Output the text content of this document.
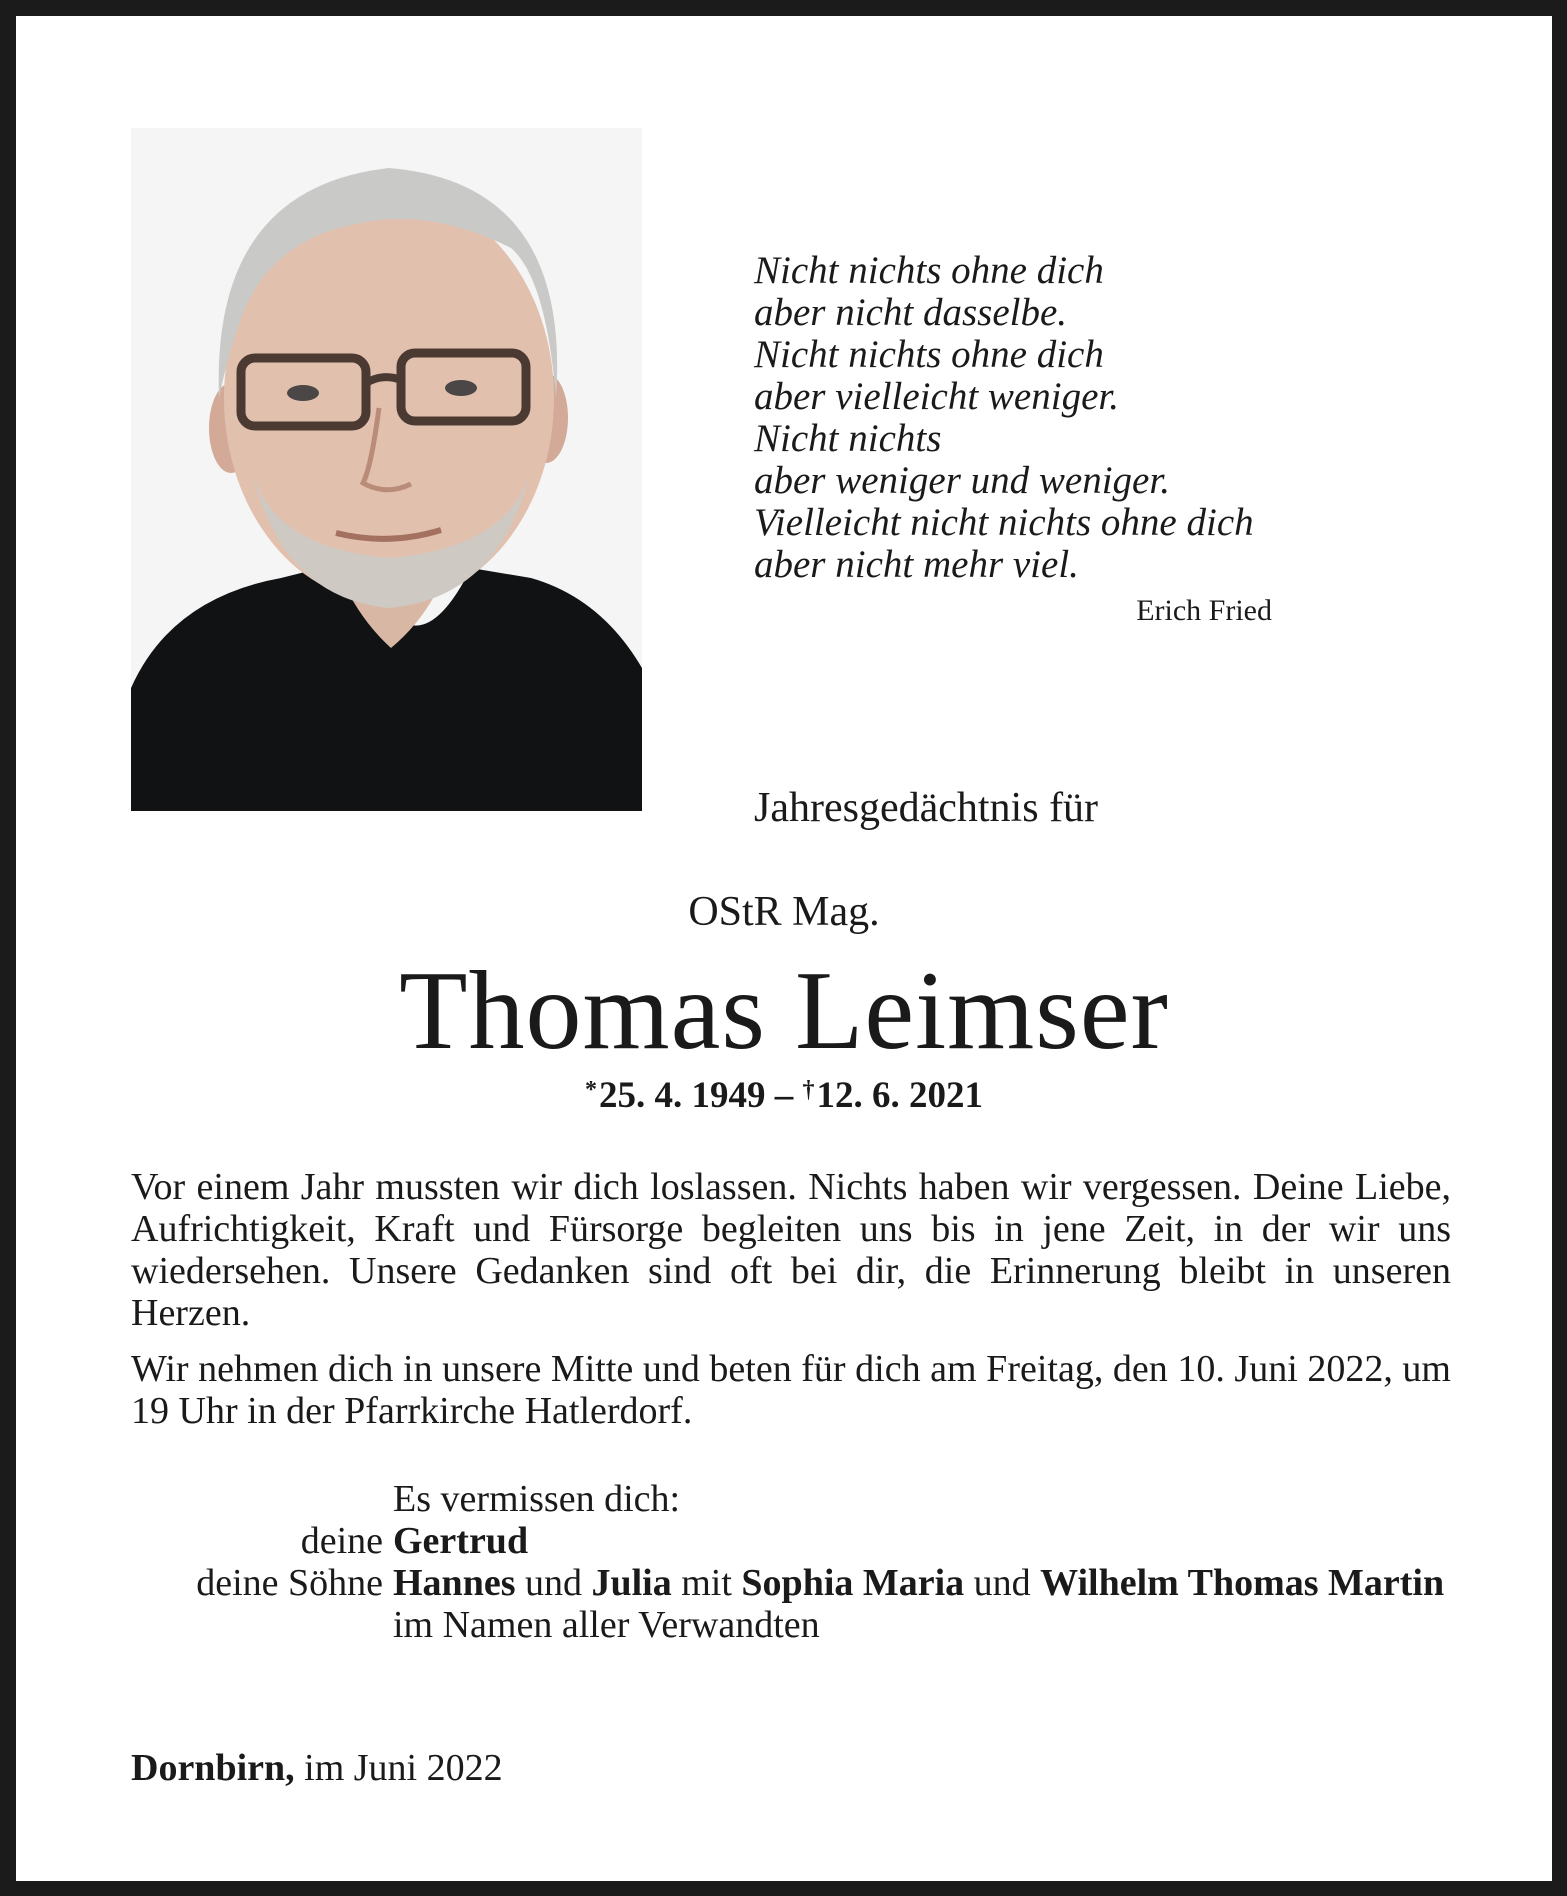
Nicht nichts ohne dich
aber nicht dasselbe.
Nicht nichts ohne dich
aber vielleicht weniger.
Nicht nichts
aber weniger und weniger.
Vielleicht nicht nichts ohne dich
aber nicht mehr viel.
Erich Fried
Jahresgedächtnis für
OStR Mag.
Thomas Leimser
*25. 4. 1949 – †12. 6. 2021

Vor einem Jahr mussten wir dich loslassen. Nichts haben wir vergessen. Deine Liebe, Aufrichtigkeit, Kraft und Fürsorge begleiten uns bis in jene Zeit, in der wir uns wiedersehen. Unsere Gedanken sind oft bei dir, die Erinnerung bleibt in unseren Herzen.

Wir nehmen dich in unsere Mitte und beten für dich am Freitag, den 10. Juni 2022, um 19 Uhr in der Pfarrkirche Hatlerdorf.

Es vermissen dich:
deine Gertrud
deine Söhne Hannes und Julia mit Sophia Maria und Wilhelm Thomas Martin
im Namen aller Verwandten
Dornbirn, im Juni 2022
